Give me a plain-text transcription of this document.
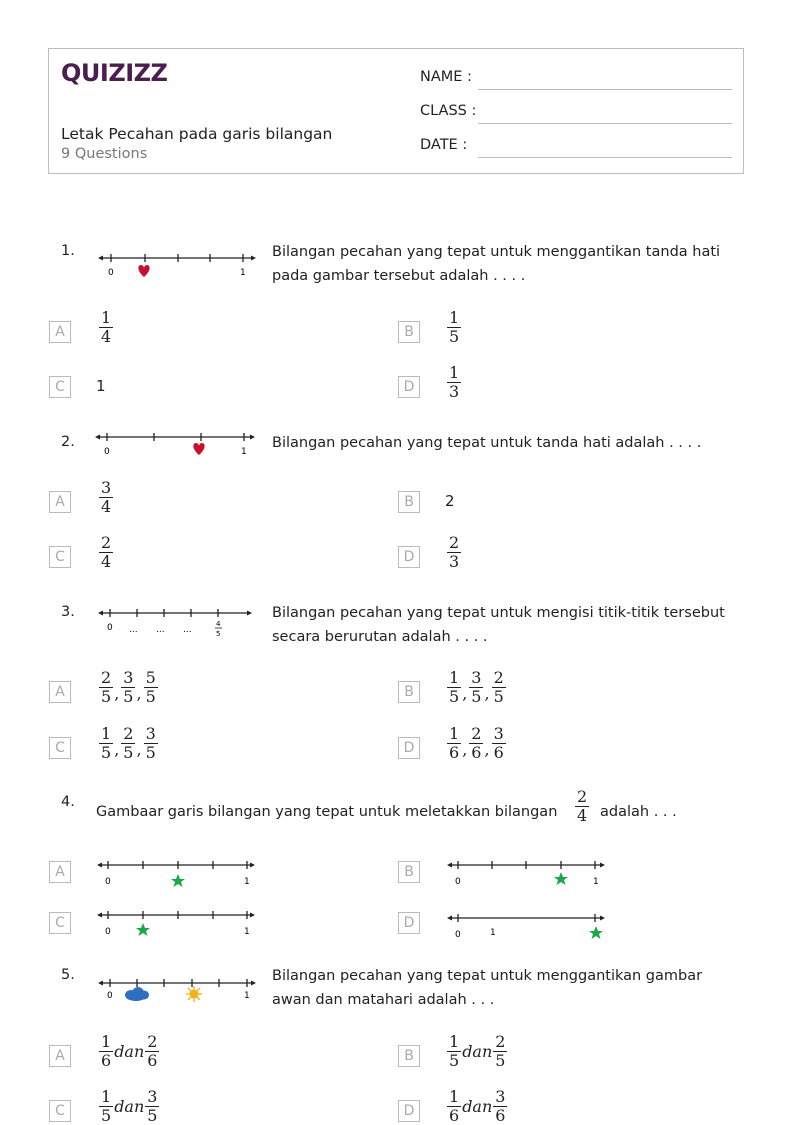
QUIZIZZ
Letak Pecahan pada garis bilangan
9 Questions
NAME :
CLASS :
DATE :
1.
0	1
Bilangan pecahan yang tepat untuk menggantikan tanda hati
pada gambar tersebut adalah . . . .
A	$\frac{1}{4}$	B	$\frac{1}{5}$
C	1	D	$\frac{1}{3}$
2.
0	1
Bilangan pecahan yang tepat untuk tanda hati adalah . . . .
A	$\frac{3}{4}$	B	2
C	$\frac{2}{4}$	D	$\frac{2}{3}$
3.
0 ... ... ...
4
5
Bilangan pecahan yang tepat untuk mengisi titik-titik tersebut
secara berurutan adalah . . . .
A	$\frac{2}{5}$ , $\frac{3}{5}$ , $\frac{5}{5}$	B	$\frac{1}{5}$ , $\frac{3}{5}$ , $\frac{2}{5}$
C	$\frac{1}{5}$ , $\frac{2}{5}$ , $\frac{3}{5}$	D	$\frac{1}{6}$ , $\frac{2}{6}$ , $\frac{3}{6}$
4.
Gambaar garis bilangan yang tepat untuk meletakkan bilangan $\frac{2}{4}$ adalah . . .
A
0	1
B
0	1
C
0	1
D
0	1
5.
0	1
Bilangan pecahan yang tepat untuk menggantikan gambar
awan dan matahari adalah . . .
A	$\frac{1}{6}$ dan $\frac{2}{6}$	B	$\frac{1}{5}$ dan $\frac{2}{5}$
C	$\frac{1}{5}$ dan $\frac{3}{5}$	D	$\frac{1}{6}$ dan $\frac{3}{6}$
